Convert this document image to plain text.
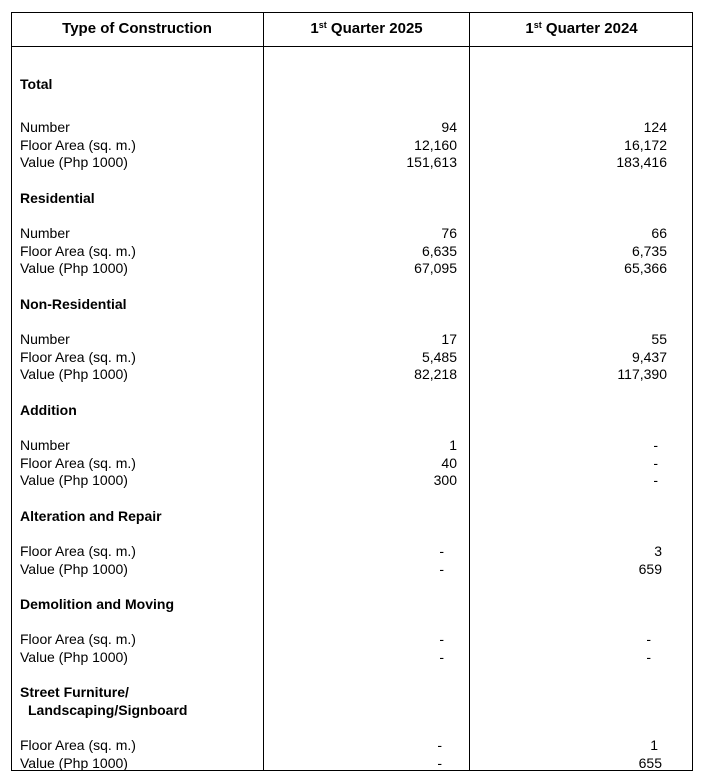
Type of Construction	1st Quarter 2025	1st Quarter 2024
Total
Number	94	124
Floor Area (sq. m.)	12,160	16,172
Value (Php 1000)	151,613	183,416
Residential
Number	76	66
Floor Area (sq. m.)	6,635	6,735
Value (Php 1000)	67,095	65,366
Non-Residential
Number	17	55
Floor Area (sq. m.)	5,485	9,437
Value (Php 1000)	82,218	117,390
Addition
Number	1	-
Floor Area (sq. m.)	40	-
Value (Php 1000)	300	-
Alteration and Repair
Floor Area (sq. m.)	-	3
Value (Php 1000)	-	659
Demolition and Moving
Floor Area (sq. m.)	-	-
Value (Php 1000)	-	-
Street Furniture/
Landscaping/Signboard
Floor Area (sq. m.)	-	1
Value (Php 1000)	-	655
